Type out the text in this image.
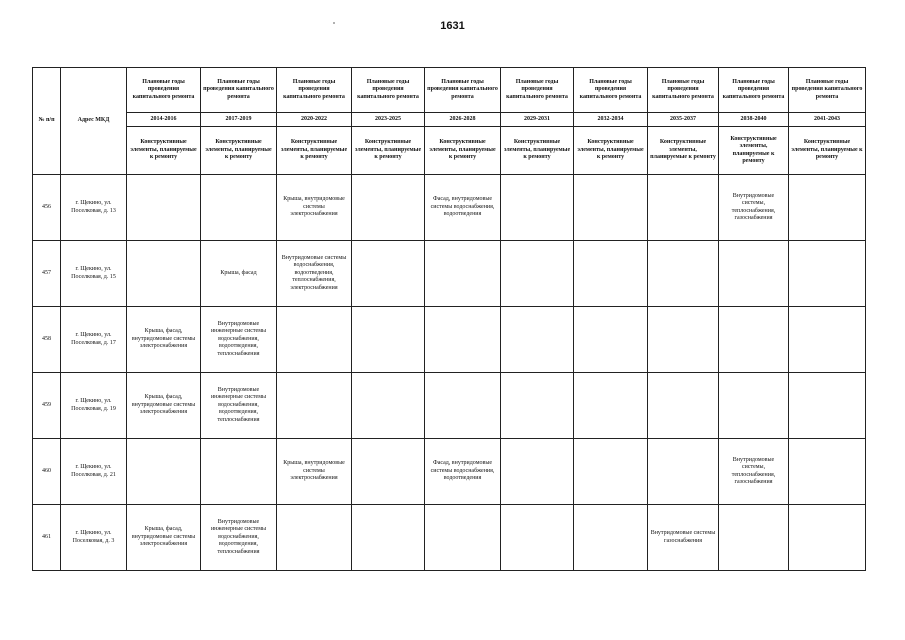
1631
№ п/п	Адрес МКД	Плановые годы проведения капитального ремонта	Плановые годы проведения капитального ремонта	Плановые годы проведения капитального ремонта	Плановые годы проведения капитального ремонта	Плановые годы проведения капитального ремонта	Плановые годы проведения капитального ремонта	Плановые годы проведения капитального ремонта	Плановые годы проведения капитального ремонта	Плановые годы проведения капитального ремонта	Плановые годы проведения капитального ремонта
		2014-2016	2017-2019	2020-2022	2023-2025	2026-2028	2029-2031	2032-2034	2035-2037	2038-2040	2041-2043
		Конструктивные элементы, планируемые к ремонту	Конструктивные элементы, планируемые к ремонту	Конструктивные элементы, планируемые к ремонту	Конструктивные элементы, планируемые к ремонту	Конструктивные элементы, планируемые к ремонту	Конструктивные элементы, планируемые к ремонту	Конструктивные элементы, планируемые к ремонту	Конструктивные элементы, планируемые к ремонту	Конструктивные элементы, планируемые к ремонту	Конструктивные элементы, планируемые к ремонту
456	г. Щекино, ул. Поселковая, д. 13			Крыша, внутридомовые системы электроснабжения		Фасад, внутридомовые системы водоснабжения, водоотведения				Внутридомовые системы, теплоснабжения, газоснабжения	
457	г. Щекино, ул. Поселковая, д. 15		Крыша, фасад	Внутридомовые системы водоснабжения, водоотведения, теплоснабжения, электроснабжения							
458	г. Щекино, ул. Поселковая, д. 17	Крыша, фасад, внутридомовые системы электроснабжения	Внутридомовые инженерные системы водоснабжения, водоотведения, теплоснабжения								
459	г. Щекино, ул. Поселковая, д. 19	Крыша, фасад, внутридомовые системы электроснабжения	Внутридомовые инженерные системы водоснабжения, водоотведения, теплоснабжения								
460	г. Щекино, ул. Поселковая, д. 21			Крыша, внутридомовые системы электроснабжения		Фасад, внутридомовые системы водоснабжения, водоотведения				Внутридомовые системы, теплоснабжения, газоснабжения	
461	г. Щекино, ул. Поселковая, д. 3	Крыша, фасад, внутридомовые системы электроснабжения	Внутридомовые инженерные системы водоснабжения, водоотведения, теплоснабжения						Внутридомовые системы газоснабжения		
